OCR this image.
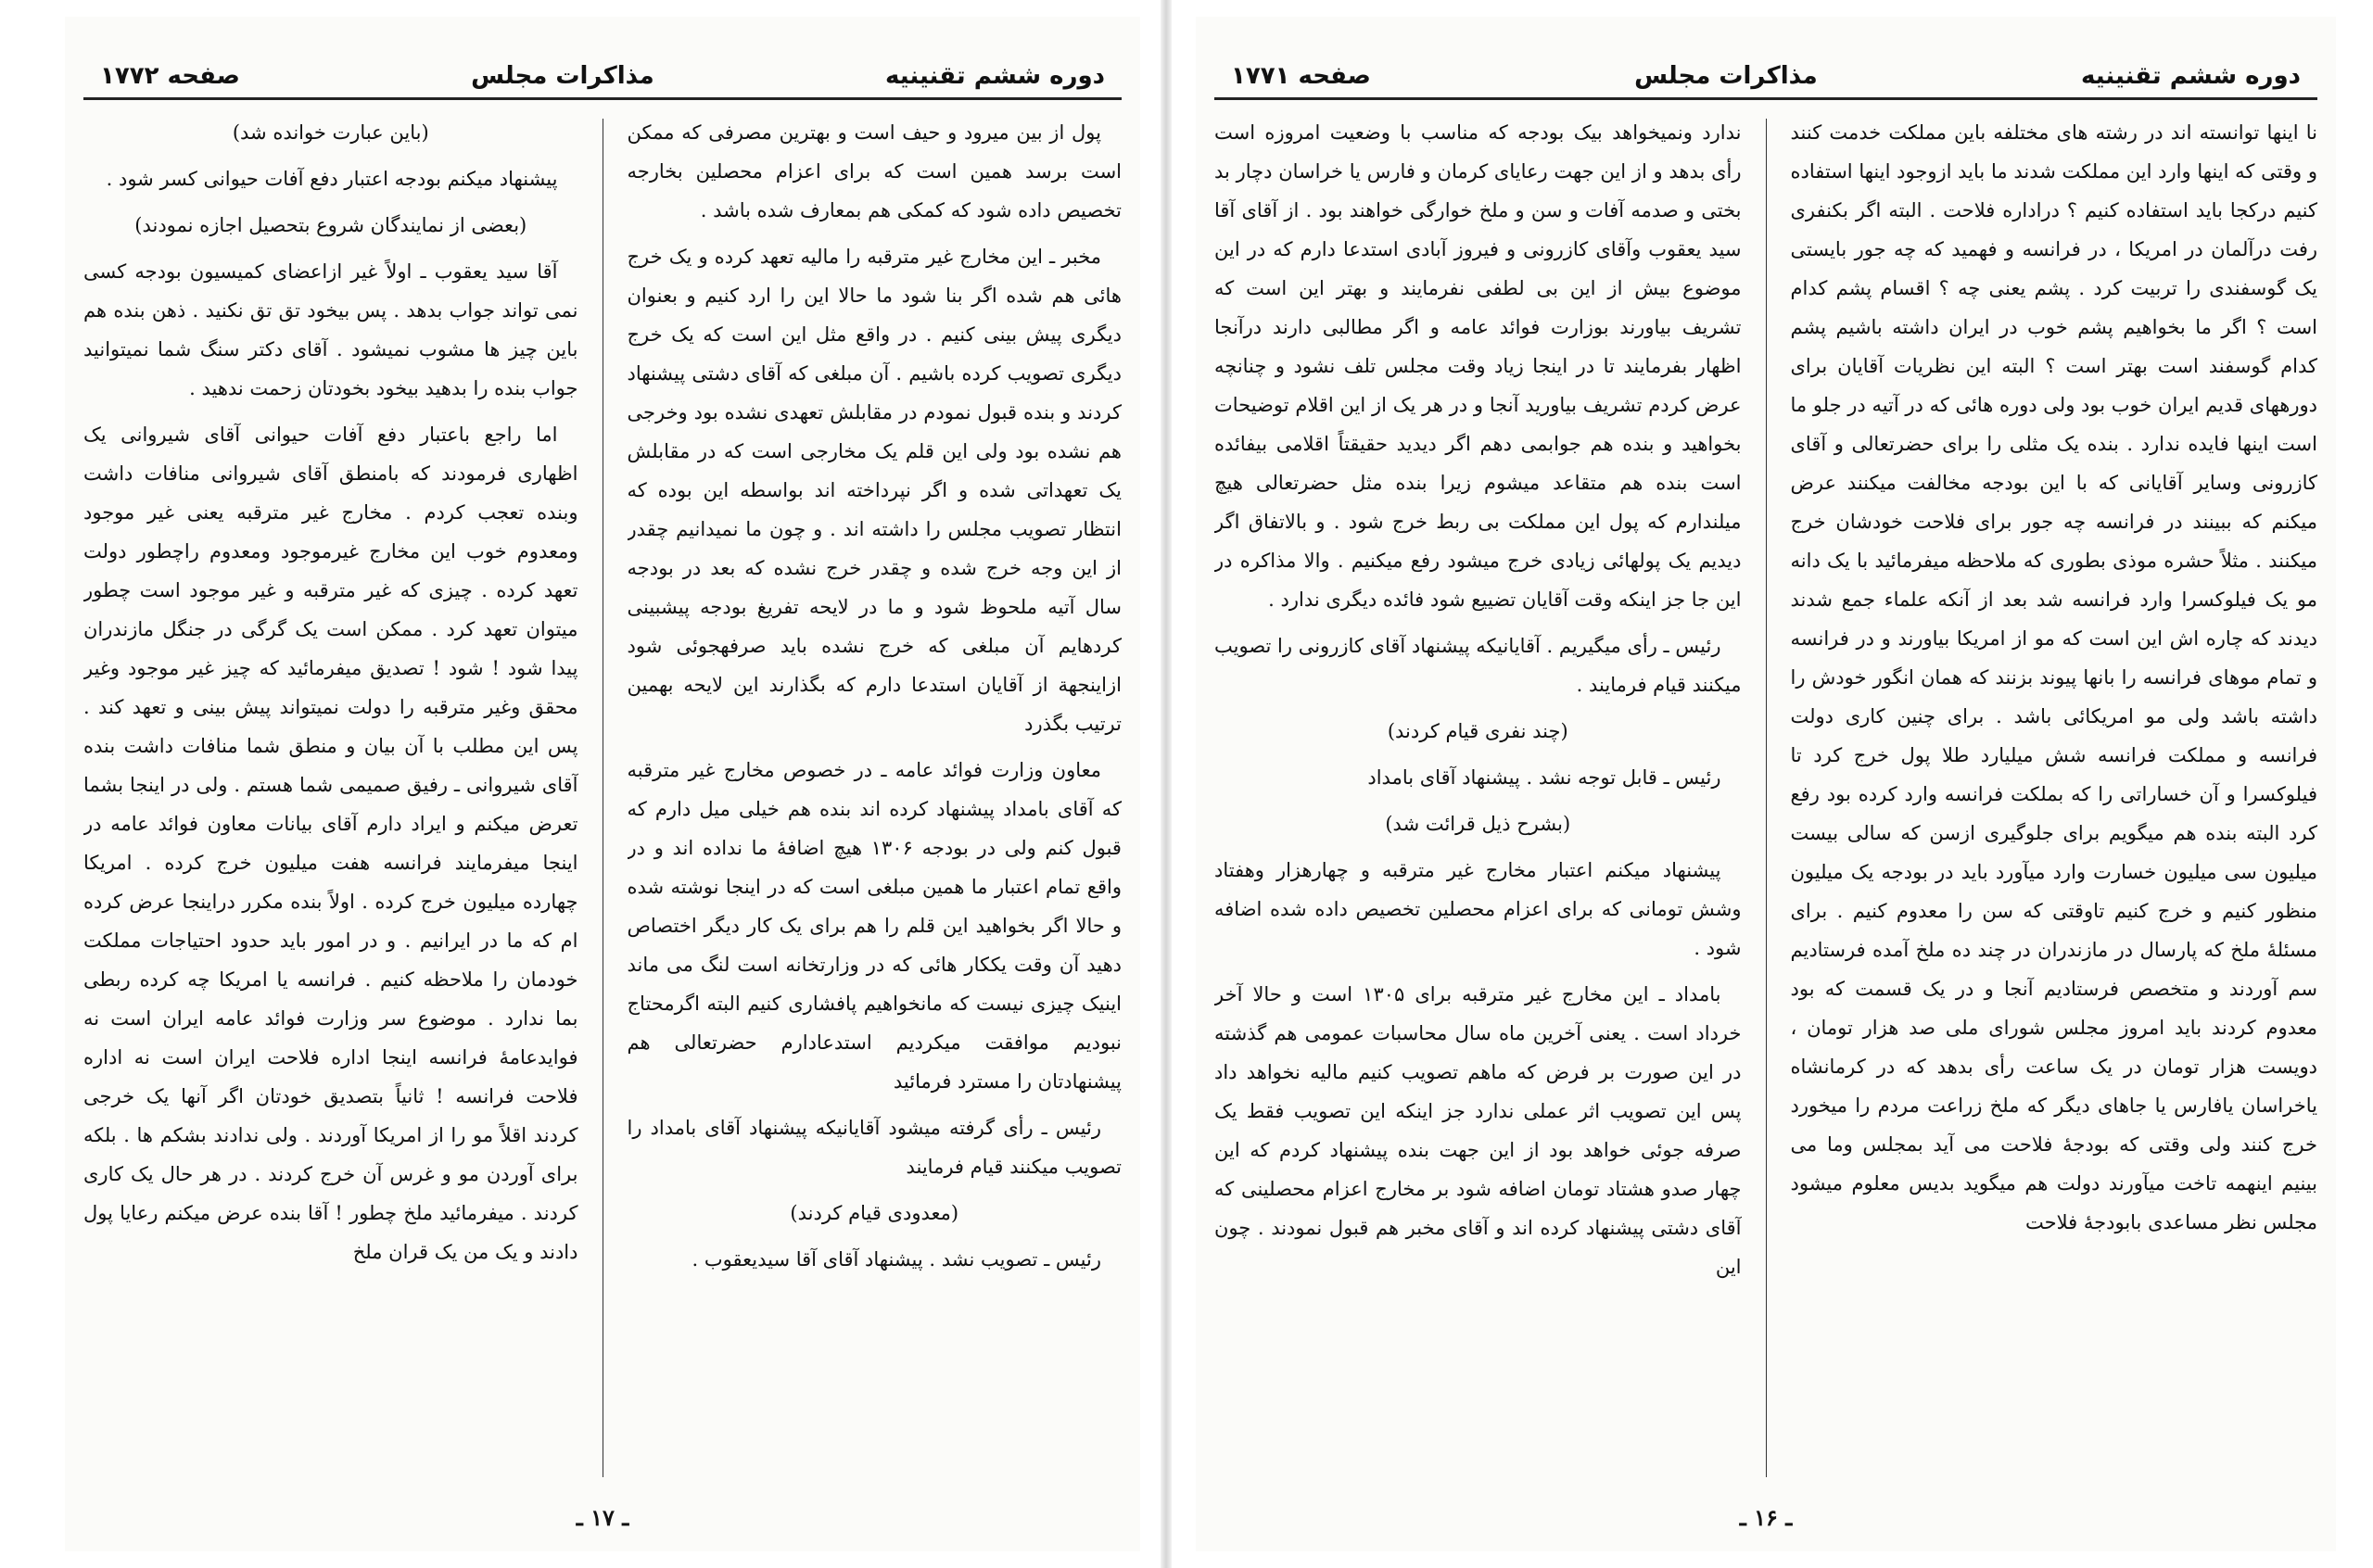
دوره ششم تقنینیه
مذاکرات مجلس
صفحه ۱۷۷۲

پول از بین میرود و حیف است و بهترین مصرفی که ممکن است برسد همین است که برای اعزام محصلین بخارجه تخصیص داده شود که کمکی هم بمعارف شده باشد .

مخبر ـ این مخارج غیر مترقبه را مالیه تعهد کرده و یک خرج هائی هم شده اگر بنا شود ما حالا این را ارد کنیم و بعنوان دیگری پیش بینی کنیم . در واقع مثل این است که یک خرج دیگری تصویب کرده باشیم . آن مبلغی که آقای دشتی پیشنهاد کردند و بنده قبول نمودم در مقابلش تعهدی نشده بود وخرجی هم نشده بود ولی این قلم یک مخارجی است که در مقابلش یک تعهداتی شده و اگر نپرداخته اند بواسطه این بوده که انتظار تصویب مجلس را داشته اند . و چون ما نمیدانیم چقدر از این وجه خرج شده و چقدر خرج نشده که بعد در بودجه سال آتیه ملحوظ شود و ما در لایحه تفریغ بودجه پیشبینی کردهایم آن مبلغی که خرج نشده باید صرفهجوئی شود ازاینجهة از آقایان استدعا دارم که بگذارند این لایحه بهمین ترتیب بگذرد

معاون وزارت فوائد عامه ـ در خصوص مخارج غیر مترقبه که آقای بامداد پیشنهاد کرده اند بنده هم خیلی میل دارم که قبول کنم ولی در بودجه ۱۳۰۶ هیچ اضافهٔ ما نداده اند و در واقع تمام اعتبار ما همین مبلغی است که در اینجا نوشته شده و حالا اگر بخواهید این قلم را هم برای یک کار دیگر اختصاص دهید آن وقت یککار هائی که در وزارتخانه است لنگ می ماند اینیک چیزی نیست که مانخواهیم پافشاری کنیم البته اگرمحتاج نبودیم موافقت میکردیم استدعادارم حضرتعالی هم پیشنهادتان را مسترد فرمائید

رئیس ـ رأی گرفته میشود آقایانیکه پیشنهاد آقای بامداد را تصویب میکنند قیام فرمایند

(معدودی قیام کردند)

رئیس ـ تصویب نشد . پیشنهاد آقای آقا سیدیعقوب .

(باین عبارت خوانده شد)

پیشنهاد میکنم بودجه اعتبار دفع آفات حیوانی کسر شود .

(بعضی از نمایندگان شروع بتحصیل اجازه نمودند)

آقا سید یعقوب ـ اولاً غیر ازاعضای کمیسیون بودجه کسی نمی تواند جواب بدهد . پس بیخود تق تق نکنید . ذهن بنده هم باین چیز ها مشوب نمیشود . آقای دکتر سنگ شما نمیتوانید جواب بنده را بدهید بیخود بخودتان زحمت ندهید .

اما راجع باعتبار دفع آفات حیوانی آقای شیروانی یک اظهاری فرمودند که بامنطق آقای شیروانی منافات داشت وبنده تعجب کردم . مخارج غیر مترقبه یعنی غیر موجود ومعدوم خوب این مخارج غیرموجود ومعدوم راچطور دولت تعهد کرده . چیزی که غیر مترقبه و غیر موجود است چطور میتوان تعهد کرد . ممکن است یک گرگی در جنگل مازندران پیدا شود ! شود ! تصدیق میفرمائید که چیز غیر موجود وغیر محقق وغیر مترقبه را دولت نمیتواند پیش بینی و تعهد کند . پس این مطلب با آن بیان و منطق شما منافات داشت بنده آقای شیروانی ـ رفیق صمیمی شما هستم . ولی در اینجا بشما تعرض میکنم و ایراد دارم آقای بیانات معاون فوائد عامه در اینجا میفرمایند فرانسه هفت میلیون خرج کرده . امریکا چهارده میلیون خرج کرده . اولاً بنده مکرر دراینجا عرض کرده ام که ما در ایرانیم . و در امور باید حدود احتیاجات مملکت خودمان را ملاحظه کنیم . فرانسه یا امریکا چه کرده ربطی بما ندارد . موضوع سر وزارت فوائد عامه ایران است نه فوایدعامهٔ فرانسه اینجا اداره فلاحت ایران است نه اداره فلاحت فرانسه ! ثانیاً بتصدیق خودتان اگر آنها یک خرجی کردند اقلاً مو را از امریکا آوردند . ولی ندادند بشکم ها . بلکه برای آوردن مو و غرس آن خرج کردند . در هر حال یک کاری کردند . میفرمائید ملخ چطور ! آقا بنده عرض میکنم رعایا پول دادند و یک من یک قران ملخ

ـ ۱۷ ـ
دوره ششم تقنینیه
مذاکرات مجلس
صفحه ۱۷۷۱

نا اینها توانسته اند در رشته های مختلفه باین مملکت خدمت کنند و وقتی که اینها وارد این مملکت شدند ما باید ازوجود اینها استفاده کنیم درکجا باید استفاده کنیم ؟ دراداره فلاحت . البته اگر بکنفری رفت درآلمان در امریکا ، در فرانسه و فهمید که چه جور بایستی یک گوسفندی را تربیت کرد . پشم یعنی چه ؟ اقسام پشم کدام است ؟ اگر ما بخواهیم پشم خوب در ایران داشته باشیم پشم کدام گوسفند است بهتر است ؟ البته این نظریات آقایان برای دورههای قدیم ایران خوب بود ولی دوره هائی که در آتیه در جلو ما است اینها فایده ندارد . بنده یک مثلی را برای حضرتعالی و آقای کازرونی وسایر آقایانی که با این بودجه مخالفت میکنند عرض میکنم که ببینند در فرانسه چه جور برای فلاحت خودشان خرج میکنند . مثلاً حشره موذی بطوری که ملاحظه میفرمائید با یک دانه مو یک فیلوکسرا وارد فرانسه شد بعد از آنکه علماء جمع شدند دیدند که چاره اش این است که مو از امریکا بیاورند و در فرانسه و تمام موهای فرانسه را بانها پیوند بزنند که همان انگور خودش را داشته باشد ولی مو امریکائی باشد . برای چنین کاری دولت فرانسه و مملکت فرانسه شش میلیارد طلا پول خرج کرد تا فیلوکسرا و آن خساراتی را که بملکت فرانسه وارد کرده بود رفع کرد البته بنده هم میگویم برای جلوگیری ازسن که سالی بیست میلیون سی میلیون خسارت وارد میآورد باید در بودجه یک میلیون منظور کنیم و خرج کنیم تاوقتی که سن را معدوم کنیم . برای مسئلهٔ ملخ که پارسال در مازندران در چند ده ملخ آمده فرستادیم سم آوردند و متخصص فرستادیم آنجا و در یک قسمت که بود معدوم کردند باید امروز مجلس شورای ملی صد هزار تومان ، دویست هزار تومان در یک ساعت رأی بدهد که در کرمانشاه یاخراسان یافارس یا جاهای دیگر که ملخ زراعت مردم را میخورد خرج کنند ولی وقتی که بودجهٔ فلاحت می آید بمجلس وما می بینیم اینهمه تاخت میآورند دولت هم میگوید بدیس معلوم میشود مجلس نظر مساعدی بابودجهٔ فلاحت

ندارد ونمیخواهد بیک بودجه که مناسب با وضعیت امروزه است رأی بدهد و از این جهت رعایای کرمان و فارس یا خراسان دچار بد بختی و صدمه آفات و سن و ملخ خوارگی خواهند بود . از آقای آقا سید یعقوب وآقای کازرونی و فیروز آبادی استدعا دارم که در این موضوع بیش از این بی لطفی نفرمایند و بهتر این است که تشریف بیاورند بوزارت فوائد عامه و اگر مطالبی دارند درآنجا اظهار بفرمایند تا در اینجا زیاد وقت مجلس تلف نشود و چنانچه عرض کردم تشریف بیاورید آنجا و در هر یک از این اقلام توضیحات بخواهید و بنده هم جوابمی دهم اگر دیدید حقیقتاً اقلامی بیفائده است بنده هم متقاعد میشوم زیرا بنده مثل حضرتعالی هیچ میلندارم که پول این مملکت بی ربط خرج شود . و بالاتفاق اگر دیدیم یک پولهائی زیادی خرج میشود رفع میکنیم . والا مذاکره در این جا جز اینکه وقت آقایان تضییع شود فائده دیگری ندارد .

رئیس ـ رأی میگیریم . آقایانیکه پیشنهاد آقای کازرونی را تصویب میکنند قیام فرمایند .

(چند نفری قیام کردند)

رئیس ـ قابل توجه نشد . پیشنهاد آقای بامداد

(بشرح ذیل قرائت شد)

پیشنهاد میکنم اعتبار مخارج غیر مترقبه و چهارهزار وهفتاد وشش تومانی که برای اعزام محصلین تخصیص داده شده اضافه شود .

بامداد ـ این مخارج غیر مترقبه برای ۱۳۰۵ است و حالا آخر خرداد است . یعنی آخرین ماه سال محاسبات عمومی هم گذشته در این صورت بر فرض که ماهم تصویب کنیم مالیه نخواهد داد پس این تصویب اثر عملی ندارد جز اینکه این تصویب فقط یک صرفه جوئی خواهد بود از این جهت بنده پیشنهاد کردم که این چهار صدو هشتاد تومان اضافه شود بر مخارج اعزام محصلینی که آقای دشتی پیشنهاد کرده اند و آقای مخبر هم قبول نمودند . چون این

ـ ۱۶ ـ
